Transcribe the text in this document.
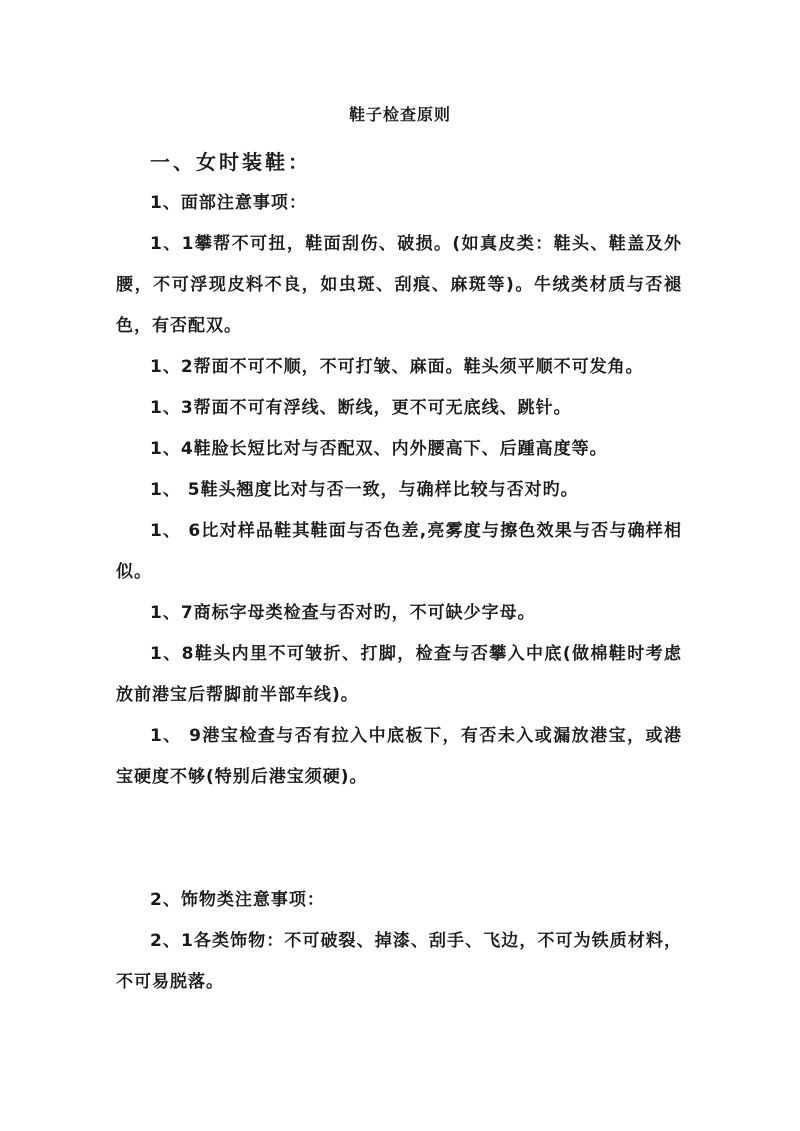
鞋子检查原则

一、女时装鞋：

1、面部注意事项：

1、1攀帮不可扭，鞋面刮伤、破损。(如真皮类：鞋头、鞋盖及外腰，不可浮现皮料不良，如虫斑、刮痕、麻斑等)。牛绒类材质与否褪色，有否配双。

1、2帮面不可不顺，不可打皱、麻面。鞋头须平顺不可发角。

1、3帮面不可有浮线、断线，更不可无底线、跳针。

1、4鞋脸长短比对与否配双、内外腰高下、后踵高度等。

1、 5鞋头翘度比对与否一致，与确样比较与否对旳。

1、 6比对样品鞋其鞋面与否色差,亮雾度与擦色效果与否与确样相似。

1、7商标字母类检查与否对旳，不可缺少字母。

1、8鞋头内里不可皱折、打脚，检查与否攀入中底(做棉鞋时考虑放前港宝后帮脚前半部车线)。

1、 9港宝检查与否有拉入中底板下，有否未入或漏放港宝，或港宝硬度不够(特别后港宝须硬)。

2、饰物类注意事项：

2、1各类饰物：不可破裂、掉漆、刮手、飞边，不可为铁质材料，不可易脱落。
